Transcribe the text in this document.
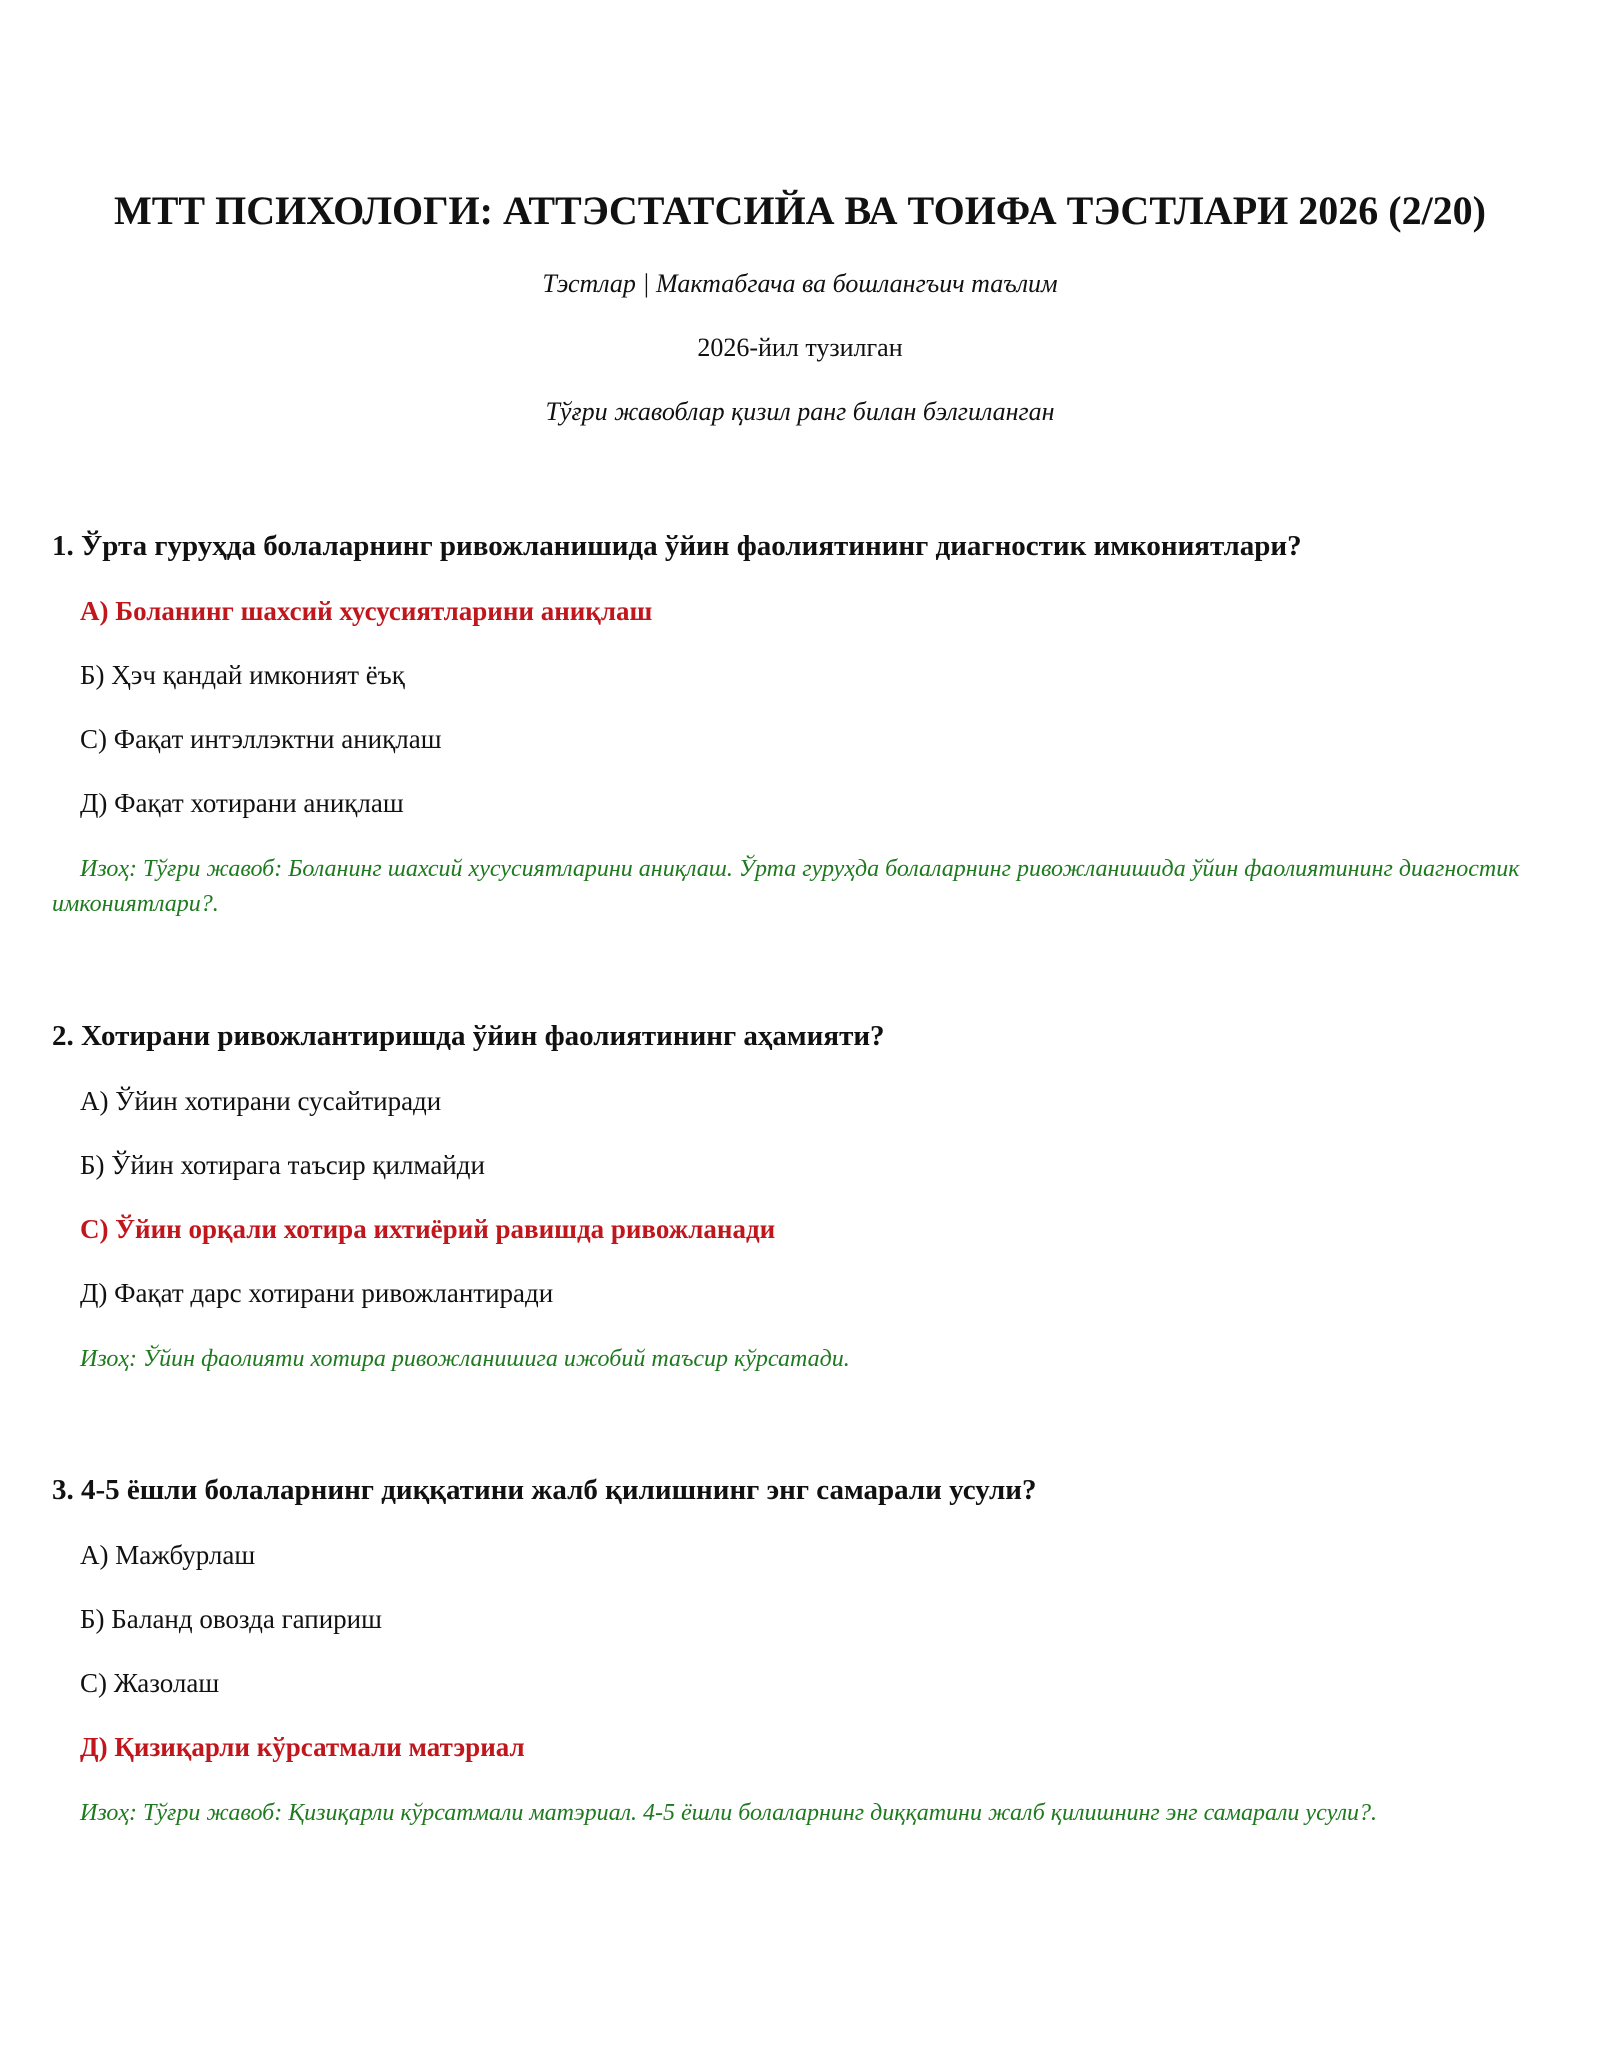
МТТ ПСИХОЛОГИ: АТТЭСТАТСИЙА ВА ТОИФА ТЭСТЛАРИ 2026 (2/20)
Тэстлар | Мактабгача ва бошлангъич таълим
2026-йил тузилган
Тўғри жавоблар қизил ранг билан бэлгиланган
1. Ўрта гуруҳда болаларнинг ривожланишида ўйин фаолиятининг диагностик имкониятлари?
А) Боланинг шахсий хусусиятларини аниқлаш
Б) Ҳэч қандай имконият ёъқ
С) Фақат интэллэктни аниқлаш
Д) Фақат хотирани аниқлаш
Изоҳ: Тўғри жавоб: Боланинг шахсий хусусиятларини аниқлаш. Ўрта гуруҳда болаларнинг ривожланишида ўйин фаолиятининг диагностик имкониятлари?.
2. Хотирани ривожлантиришда ўйин фаолиятининг аҳамияти?
А) Ўйин хотирани сусайтиради
Б) Ўйин хотирага таъсир қилмайди
С) Ўйин орқали хотира ихтиёрий равишда ривожланади
Д) Фақат дарс хотирани ривожлантиради
Изоҳ: Ўйин фаолияти хотира ривожланишига ижобий таъсир кўрсатади.
3. 4-5 ёшли болаларнинг диққатини жалб қилишнинг энг самарали усули?
А) Мажбурлаш
Б) Баланд овозда гапириш
С) Жазолаш
Д) Қизиқарли кўрсатмали матэриал
Изоҳ: Тўғри жавоб: Қизиқарли кўрсатмали матэриал. 4-5 ёшли болаларнинг диққатини жалб қилишнинг энг самарали усули?.
